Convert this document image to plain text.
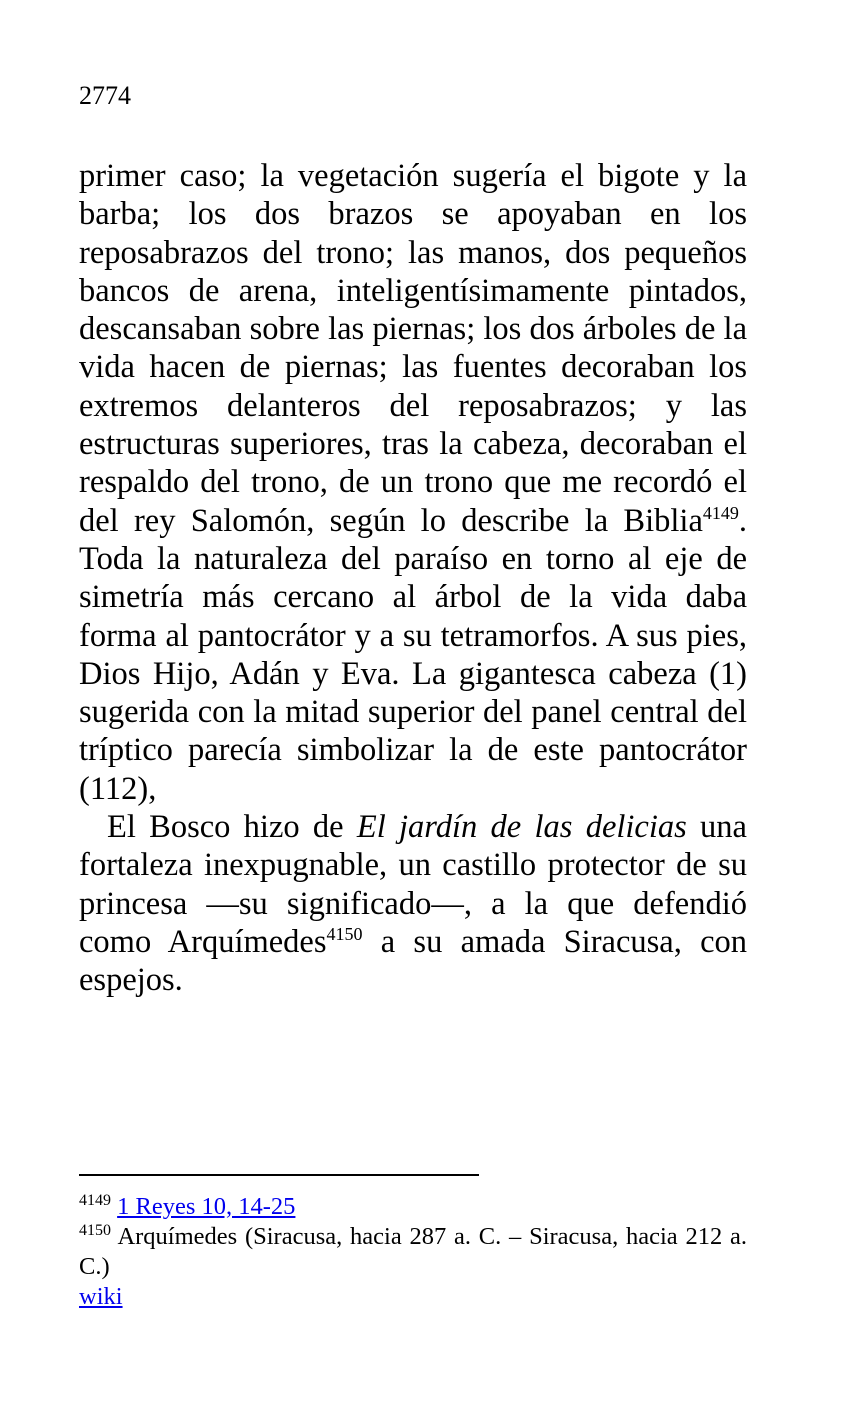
2774

primer caso; la vegetación sugería el bigote y la barba; los dos brazos se apoyaban en los reposabrazos del trono; las manos, dos pequeños bancos de arena, inteligentísimamente pintados, descansaban sobre las piernas; los dos árboles de la vida hacen de piernas; las fuentes decoraban los extremos delanteros del reposabrazos; y las estructuras superiores, tras la cabeza, decoraban el respaldo del trono, de un trono que me recordó el del rey Salomón, según lo describe la Biblia$^{4149}$. Toda la naturaleza del paraíso en torno al eje de simetría más cercano al árbol de la vida daba forma al pantocrátor y a su tetramorfos. A sus pies, Dios Hijo, Adán y Eva. La gigantesca cabeza (1) sugerida con la mitad superior del panel central del tríptico parecía simbolizar la de este pantocrátor (112),

El Bosco hizo de El jardín de las delicias una fortaleza inexpugnable, un castillo protector de su princesa —su significado—, a la que defendió como Arquímedes$^{4150}$ a su amada Siracusa, con espejos.

$^{4149}$ 1 Reyes 10, 14-25

$^{4150}$ Arquímedes (Siracusa, hacia 287 a. C. – Siracusa, hacia 212 a. C.)

wiki
